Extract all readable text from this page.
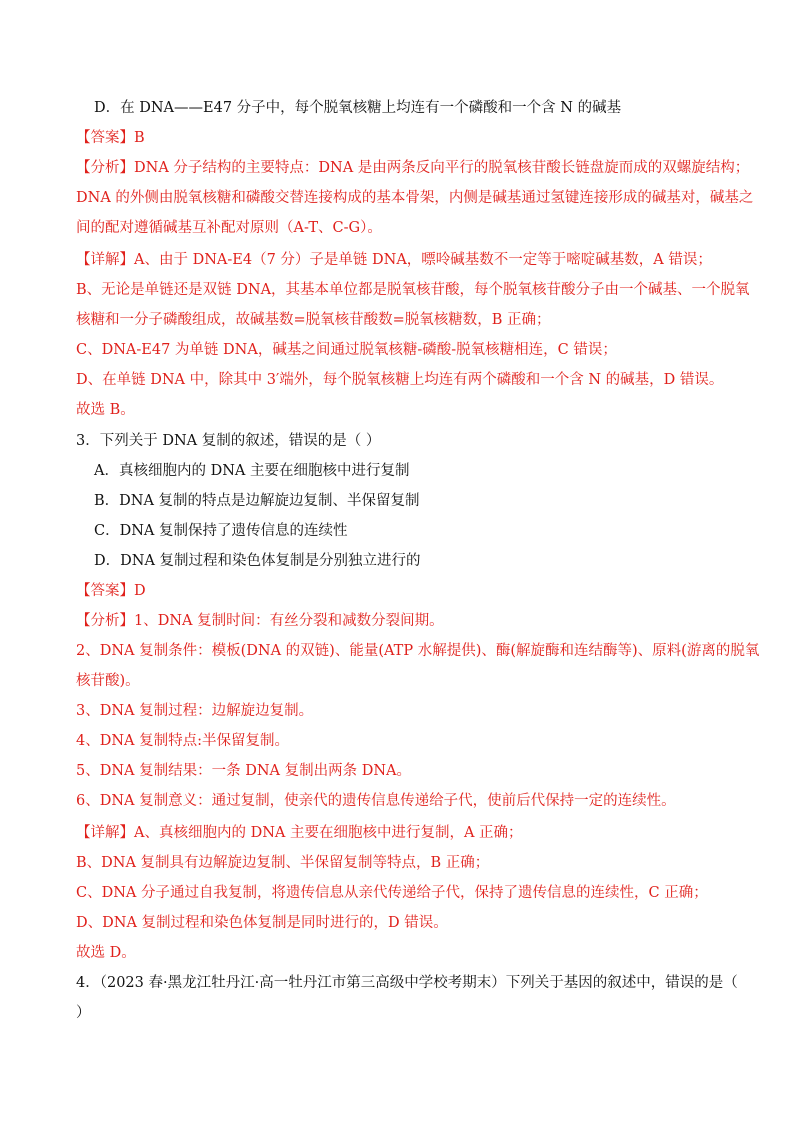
D．在 DNA——E47 分子中，每个脱氧核糖上均连有一个磷酸和一个含 N 的碱基
【答案】B
【分析】DNA 分子结构的主要特点：DNA 是由两条反向平行的脱氧核苷酸长链盘旋而成的双螺旋结构；
DNA 的外侧由脱氧核糖和磷酸交替连接构成的基本骨架，内侧是碱基通过氢键连接形成的碱基对，碱基之
间的配对遵循碱基互补配对原则（A-T、C-G）。
【详解】A、由于 DNA-E4（7 分）子是单链 DNA，嘌呤碱基数不一定等于嘧啶碱基数，A 错误；
B、无论是单链还是双链 DNA，其基本单位都是脱氧核苷酸，每个脱氧核苷酸分子由一个碱基、一个脱氧
核糖和一分子磷酸组成，故碱基数=脱氧核苷酸数=脱氧核糖数，B 正确；
C、DNA-E47 为单链 DNA，碱基之间通过脱氧核糖-磷酸-脱氧核糖相连，C 错误；
D、在单链 DNA 中，除其中 3′端外，每个脱氧核糖上均连有两个磷酸和一个含 N 的碱基，D 错误。
故选 B。
3．下列关于 DNA 复制的叙述，错误的是（ ）
A．真核细胞内的 DNA 主要在细胞核中进行复制
B．DNA 复制的特点是边解旋边复制、半保留复制
C．DNA 复制保持了遗传信息的连续性
D．DNA 复制过程和染色体复制是分别独立进行的
【答案】D
【分析】1、DNA 复制时间：有丝分裂和减数分裂间期。
2、DNA 复制条件：模板(DNA 的双链)、能量(ATP 水解提供)、酶(解旋酶和连结酶等)、原料(游离的脱氧
核苷酸)。
3、DNA 复制过程：边解旋边复制。
4、DNA 复制特点:半保留复制。
5、DNA 复制结果：一条 DNA 复制出两条 DNA。
6、DNA 复制意义：通过复制，使亲代的遗传信息传递给子代，使前后代保持一定的连续性。
【详解】A、真核细胞内的 DNA 主要在细胞核中进行复制，A 正确；
B、DNA 复制具有边解旋边复制、半保留复制等特点，B 正确；
C、DNA 分子通过自我复制，将遗传信息从亲代传递给子代，保持了遗传信息的连续性，C 正确；
D、DNA 复制过程和染色体复制是同时进行的，D 错误。
故选 D。
4．（2023 春·黑龙江牡丹江·高一牡丹江市第三高级中学校考期末）下列关于基因的叙述中，错误的是（
）
